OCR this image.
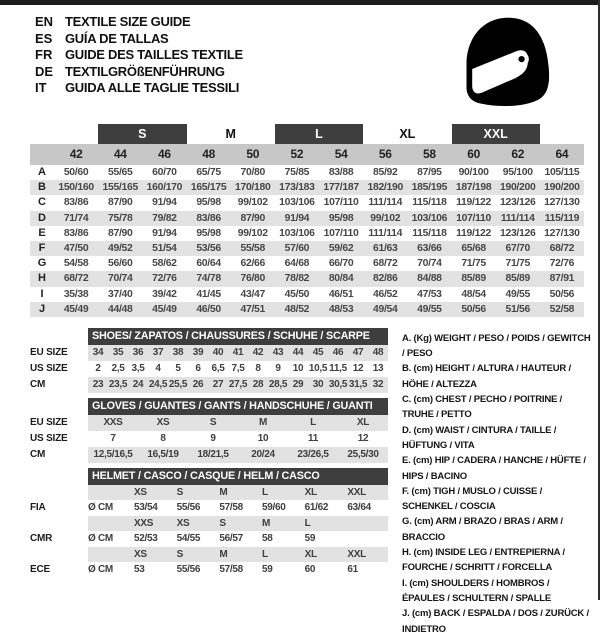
EN TEXTILE SIZE GUIDE
ES GUÍA DE TALLAS
FR GUIDE DES TAILLES TEXTILE
DE TEXTILGRÖßENFÜHRUNG
IT	GUIDA ALLE TAGLIE TESSILI
S	M	L	XL	XXL
42	44	46	48	50	52	54	56	58	60	62	64
A	50/60	55/65	60/70	65/75	70/80	75/85	83/88	85/92	87/95	90/100	95/100	105/115
B	150/160 155/165 160/170 165/175 170/180 173/183 177/187 182/190 185/195 187/198 190/200 190/200
C	83/86	87/90	91/94	95/98	99/102	103/106 107/110 111/114 115/118 119/122 123/126 127/130
D	71/74	75/78	79/82	83/86	87/90	91/94	95/98	99/102	103/106 107/110 111/114 115/119
E	83/86	87/90	91/94	95/98	99/102	103/106 107/110 111/114 115/118 119/122 123/126 127/130
F	47/50	49/52	51/54	53/56	55/58	57/60	59/62	61/63	63/66	65/68	67/70	68/72
G	54/58	56/60	58/62	60/64	62/66	64/68	66/70	68/72	70/74	71/75	71/75	72/76
H	68/72	70/74	72/76	74/78	76/80	78/82	80/84	82/86	84/88	85/89	85/89	87/91
I	35/38	37/40	39/42	41/45	43/47	45/50	46/51	46/52	47/53	48/54	49/55	50/56
J	45/49	44/48	45/49	46/50	47/51	48/52	48/53	49/54	49/55	50/56	51/56	52/58
SHOES/ ZAPATOS / CHAUSSURES / SCHUHE / SCARPE
EU SIZE	34 35 36 37 38 39 40 41 42 43 44 45 46 47 48
US SIZE	2	2,5 3,5	4	5	6	6,5 7,5	8	9	10 10,5 11,5 12 13
CM	23 23,5 24 24,5 25,5 26 27 27,5 28 28,5 29 30 30,5 31,5 32
GLOVES / GUANTES / GANTS / HANDSCHUHE / GUANTI
EU SIZE	XXS	XS	S	M	L	XL
US SIZE	7	8	9	10	11	12
CM	12,5/16,5	16,5/19	18/21,5	20/24	23/26,5	25,5/30
HELMET / CASCO / CASQUE / HELM / CASCO
XS	S	M	L	XL	XXL
FIA	Ø CM	53/54	55/56	57/58	59/60	61/62	63/64
XXS	XS	S	M	L
CMR	Ø CM	52/53	54/55	56/57	58	59
XS	S	M	L	XL	XXL
ECE	Ø CM	53	55/56	57/58	59	60	61
A. (Kg) WEIGHT / PESO / POIDS / GEWITCH / PESO
B. (cm) HEIGHT / ALTURA / HAUTEUR / HÖHE / ALTEZZA
C. (cm) CHEST / PECHO / POITRINE / TRUHE / PETTO
D. (cm) WAIST / CINTURA / TAILLE / HÜFTUNG / VITA
E. (cm) HIP / CADERA / HANCHE / HÜFTE / HIPS / BACINO
F. (cm) TIGH / MUSLO / CUISSE / SCHENKEL / COSCIA
G. (cm) ARM / BRAZO / BRAS / ARM / BRACCIO
H. (cm) INSIDE LEG / ENTREPIERNA / FOURCHE / SCHRITT / FORCELLA
I. (cm) SHOULDERS / HOMBROS / ÉPAULES / SCHULTERN / SPALLE
J. (cm) BACK / ESPALDA / DOS / ZURÜCK / INDIETRO
